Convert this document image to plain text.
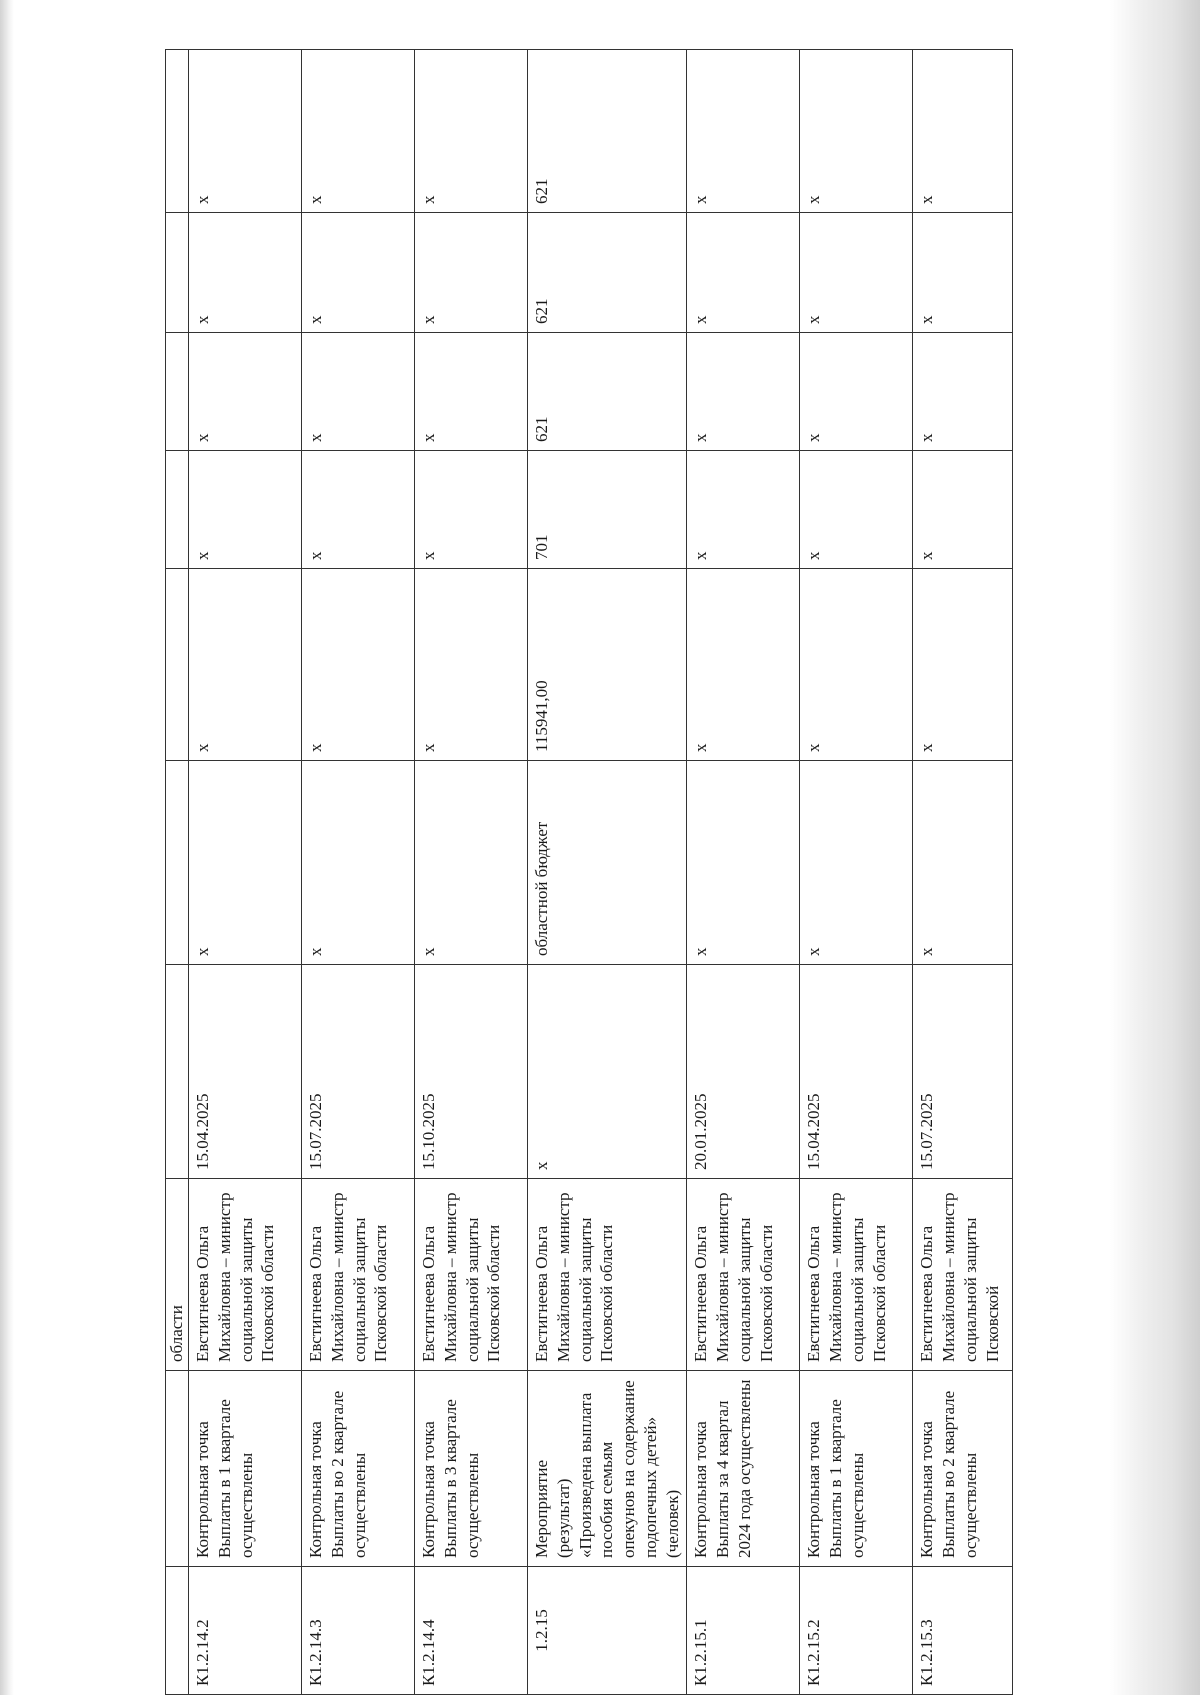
		области							
К1.2.14.2	Контрольная точка Выплаты в 1 квартале осуществлены	Евстигнеева Ольга Михайловна – министр социальной защиты Псковской области	15.04.2025	х	х	х	х	х	х
К1.2.14.3	Контрольная точка Выплаты во 2 квартале осуществлены	Евстигнеева Ольга Михайловна – министр социальной защиты Псковской области	15.07.2025	х	х	х	х	х	х
К1.2.14.4	Контрольная точка Выплаты в 3 квартале осуществлены	Евстигнеева Ольга Михайловна – министр социальной защиты Псковской области	15.10.2025	х	х	х	х	х	х
1.2.15	Мероприятие (результат) «Произведена выплата пособия семьям опекунов на содержание подопечных детей» (человек)	Евстигнеева Ольга Михайловна – министр социальной защиты Псковской области	х	областной бюджет	115941,00	701	621	621	621
К1.2.15.1	Контрольная точка Выплаты за 4 квартал 2024 года осуществлены	Евстигнеева Ольга Михайловна – министр социальной защиты Псковской области	20.01.2025	х	х	х	х	х	х
К1.2.15.2	Контрольная точка Выплаты в 1 квартале осуществлены	Евстигнеева Ольга Михайловна – министр социальной защиты Псковской области	15.04.2025	х	х	х	х	х	х
К1.2.15.3	Контрольная точка Выплаты во 2 квартале осуществлены	Евстигнеева Ольга Михайловна – министр социальной защиты Псковской	15.07.2025	х	х	х	х	х	х
